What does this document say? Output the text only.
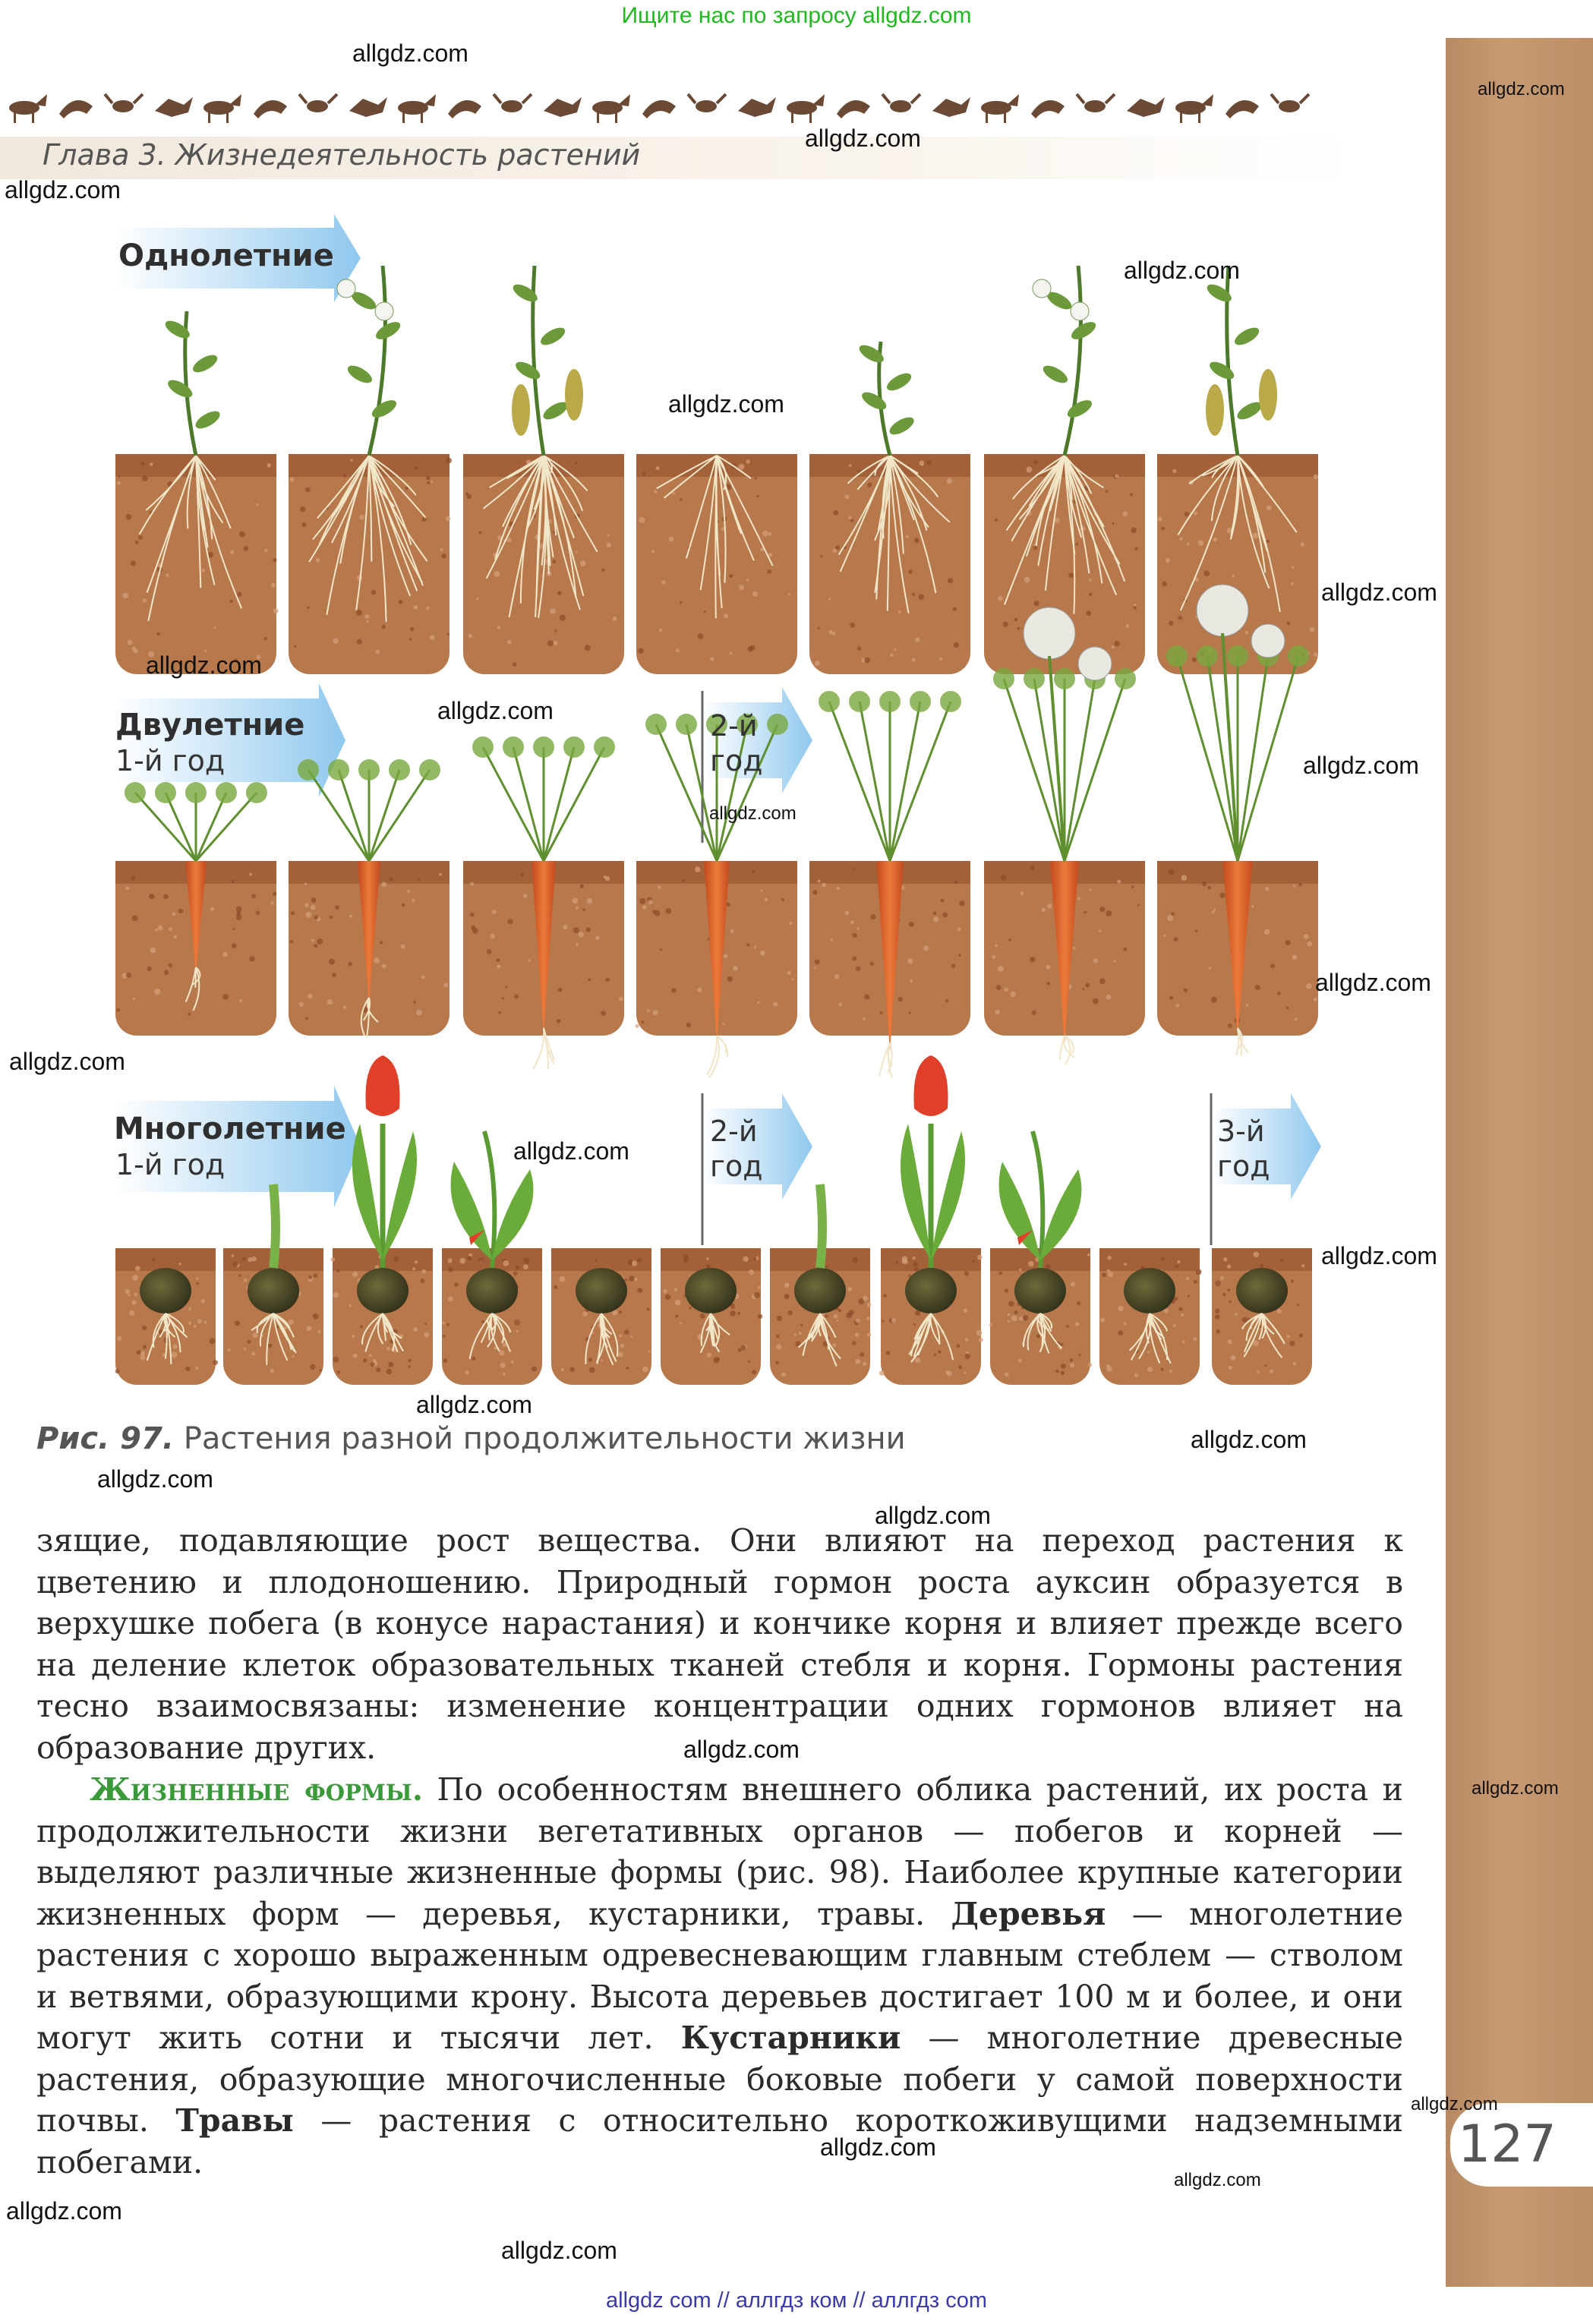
Ищите нас по запросу allgdz.com
127
Глава 3. Жизнедеятельность растений
Однолетние
Двулетние
1-й год
2-й
год
Многолетние
1-й год
2-й
год
3-й
год
Рис. 97. Растения разной продолжительности жизни
зящие, подавляющие рост вещества. Они влияют на переход растения к цветению и плодоношению. Природный гормон роста ауксин образуется в верхушке побега (в конусе нарастания) и кончике корня и влияет прежде всего на деление клеток образовательных тканей стебля и корня. Гормоны растения тесно взаимосвязаны: изменение концентрации одних гормонов влияет на образование других.
Жизненные формы. По особенностям внешнего облика растений, их роста и продолжительности жизни вегетативных органов — побегов и корней — выделяют различные жизненные формы (рис. 98). Наиболее крупные категории жизненных форм — деревья, кустарники, травы. Деревья — многолетние растения с хорошо выраженным одревесневающим главным стеблем — стволом и ветвями, образующими крону. Высота деревьев достигает 100 м и более, и они могут жить сотни и тысячи лет. Кустарники — многолетние древесные растения, образующие многочисленные боковые побеги у самой поверхности почвы. Травы — растения с относительно короткоживущими надземными побегами.
allgdz.com
allgdz.com
allgdz.com
allgdz.com
allgdz.com
allgdz.com
allgdz.com
allgdz.com
allgdz.com
allgdz.com
allgdz.com
allgdz.com
allgdz.com
allgdz.com
allgdz.com
allgdz.com
allgdz.com
allgdz.com
allgdz.com
allgdz.com
allgdz.com
allgdz.com
allgdz.com
allgdz.com
allgdz.com
allgdz.com
allgdz com // аллгдз ком // аллгдз com
